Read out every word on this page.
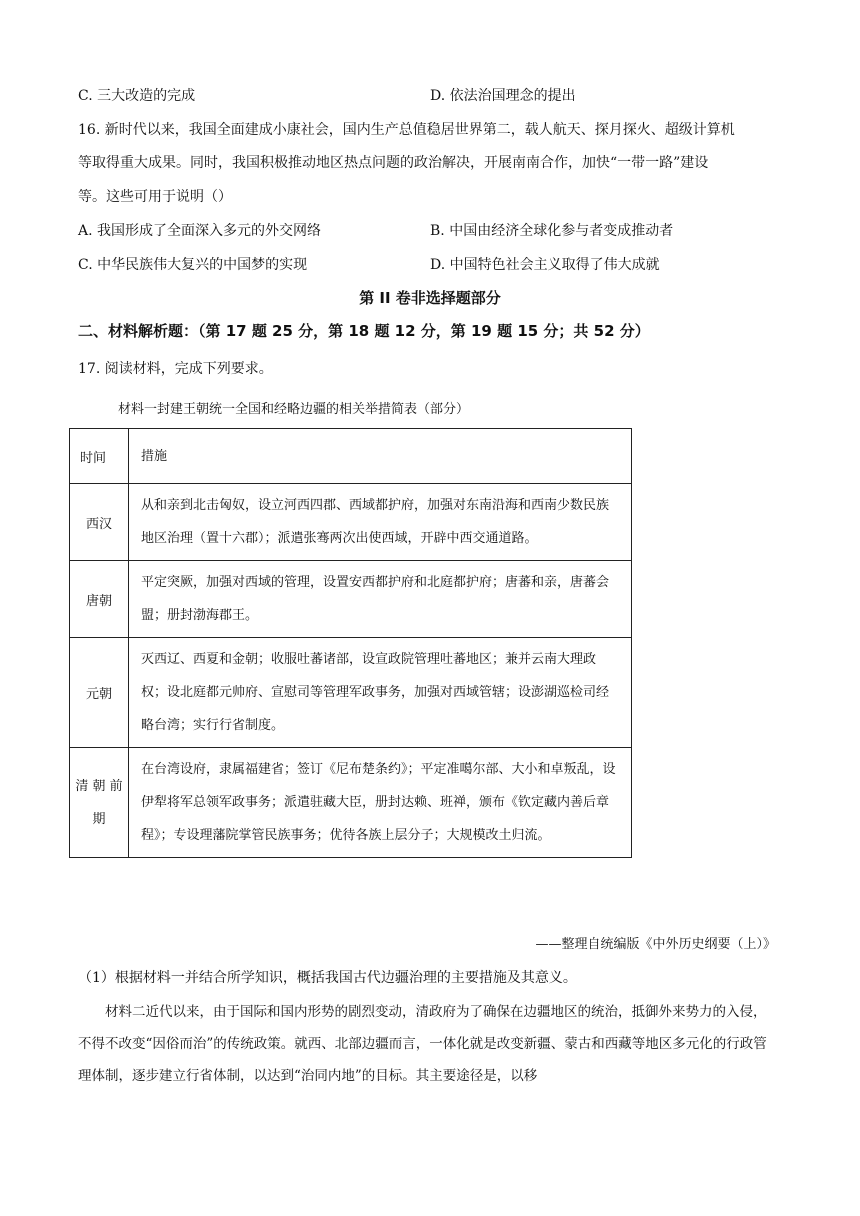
C. 三大改造的完成	D. 依法治国理念的提出
16. 新时代以来，我国全面建成小康社会，国内生产总值稳居世界第二，载人航天、探月探火、超级计算机
等取得重大成果。同时，我国积极推动地区热点问题的政治解决，开展南南合作，加快“一带一路”建设
等。这些可用于说明（）
A. 我国形成了全面深入多元的外交网络	B. 中国由经济全球化参与者变成推动者
C. 中华民族伟大复兴的中国梦的实现	D. 中国特色社会主义取得了伟大成就
第 II 卷非选择题部分
二、材料解析题：（第 17 题 25 分，第 18 题 12 分，第 19 题 15 分；共 52 分）
17. 阅读材料，完成下列要求。
材料一封建王朝统一全国和经略边疆的相关举措简表（部分）
时间	措施
西汉	从和亲到北击匈奴，设立河西四郡、西域都护府，加强对东南沿海和西南少数民族地区治理（置十六郡）；派遣张骞两次出使西域，开辟中西交通道路。
唐朝	平定突厥，加强对西域的管理，设置安西都护府和北庭都护府；唐蕃和亲，唐蕃会盟；册封渤海郡王。
元朝	灭西辽、西夏和金朝；收服吐蕃诸部，设宣政院管理吐蕃地区；兼并云南大理政权；设北庭都元帅府、宣慰司等管理军政事务，加强对西域管辖；设澎湖巡检司经略台湾；实行行省制度。
清 朝 前期	在台湾设府，隶属福建省；签订《尼布楚条约》；平定准噶尔部、大小和卓叛乱，设伊犁将军总领军政事务；派遣驻藏大臣，册封达赖、班禅，颁布《钦定藏内善后章程》；专设理藩院掌管民族事务；优待各族上层分子；大规模改土归流。
——整理自统编版《中外历史纲要（上）》
（1）根据材料一并结合所学知识，概括我国古代边疆治理的主要措施及其意义。
材料二近代以来，由于国际和国内形势的剧烈变动，清政府为了确保在边疆地区的统治，抵御外来势力的入侵，不得不改变“因俗而治”的传统政策。就西、北部边疆而言，一体化就是改变新疆、蒙古和西藏等地区多元化的行政管理体制，逐步建立行省体制，以达到“治同内地”的目标。其主要途径是，以移
